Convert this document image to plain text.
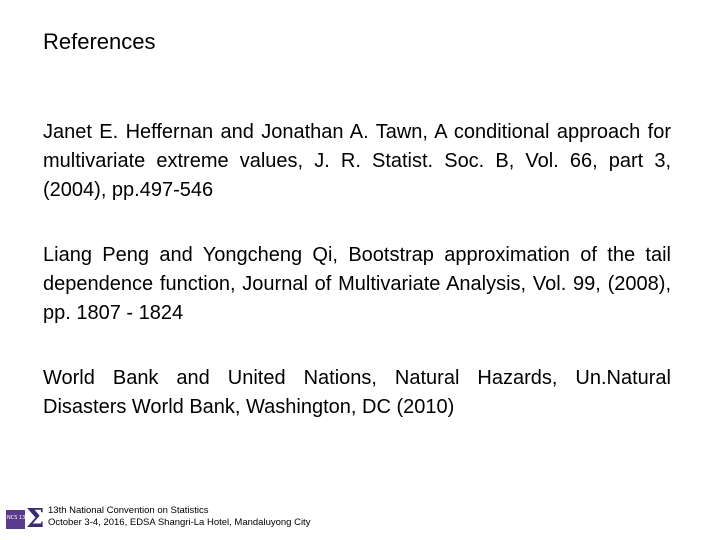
References

Janet E. Heffernan and Jonathan A. Tawn, A conditional approach for multivariate extreme values, J. R. Statist. Soc. B, Vol. 66, part 3, (2004), pp.497-546

Liang Peng and Yongcheng Qi, Bootstrap approximation of the tail dependence function, Journal of Multivariate Analysis, Vol. 99, (2008), pp. 1807 - 1824

World Bank and United Nations, Natural Hazards, Un.Natural Disasters World Bank, Washington, DC (2010)

NCS 13 Σ 13th National Convention on Statistics
October 3-4, 2016, EDSA Shangri-La Hotel, Mandaluyong City
